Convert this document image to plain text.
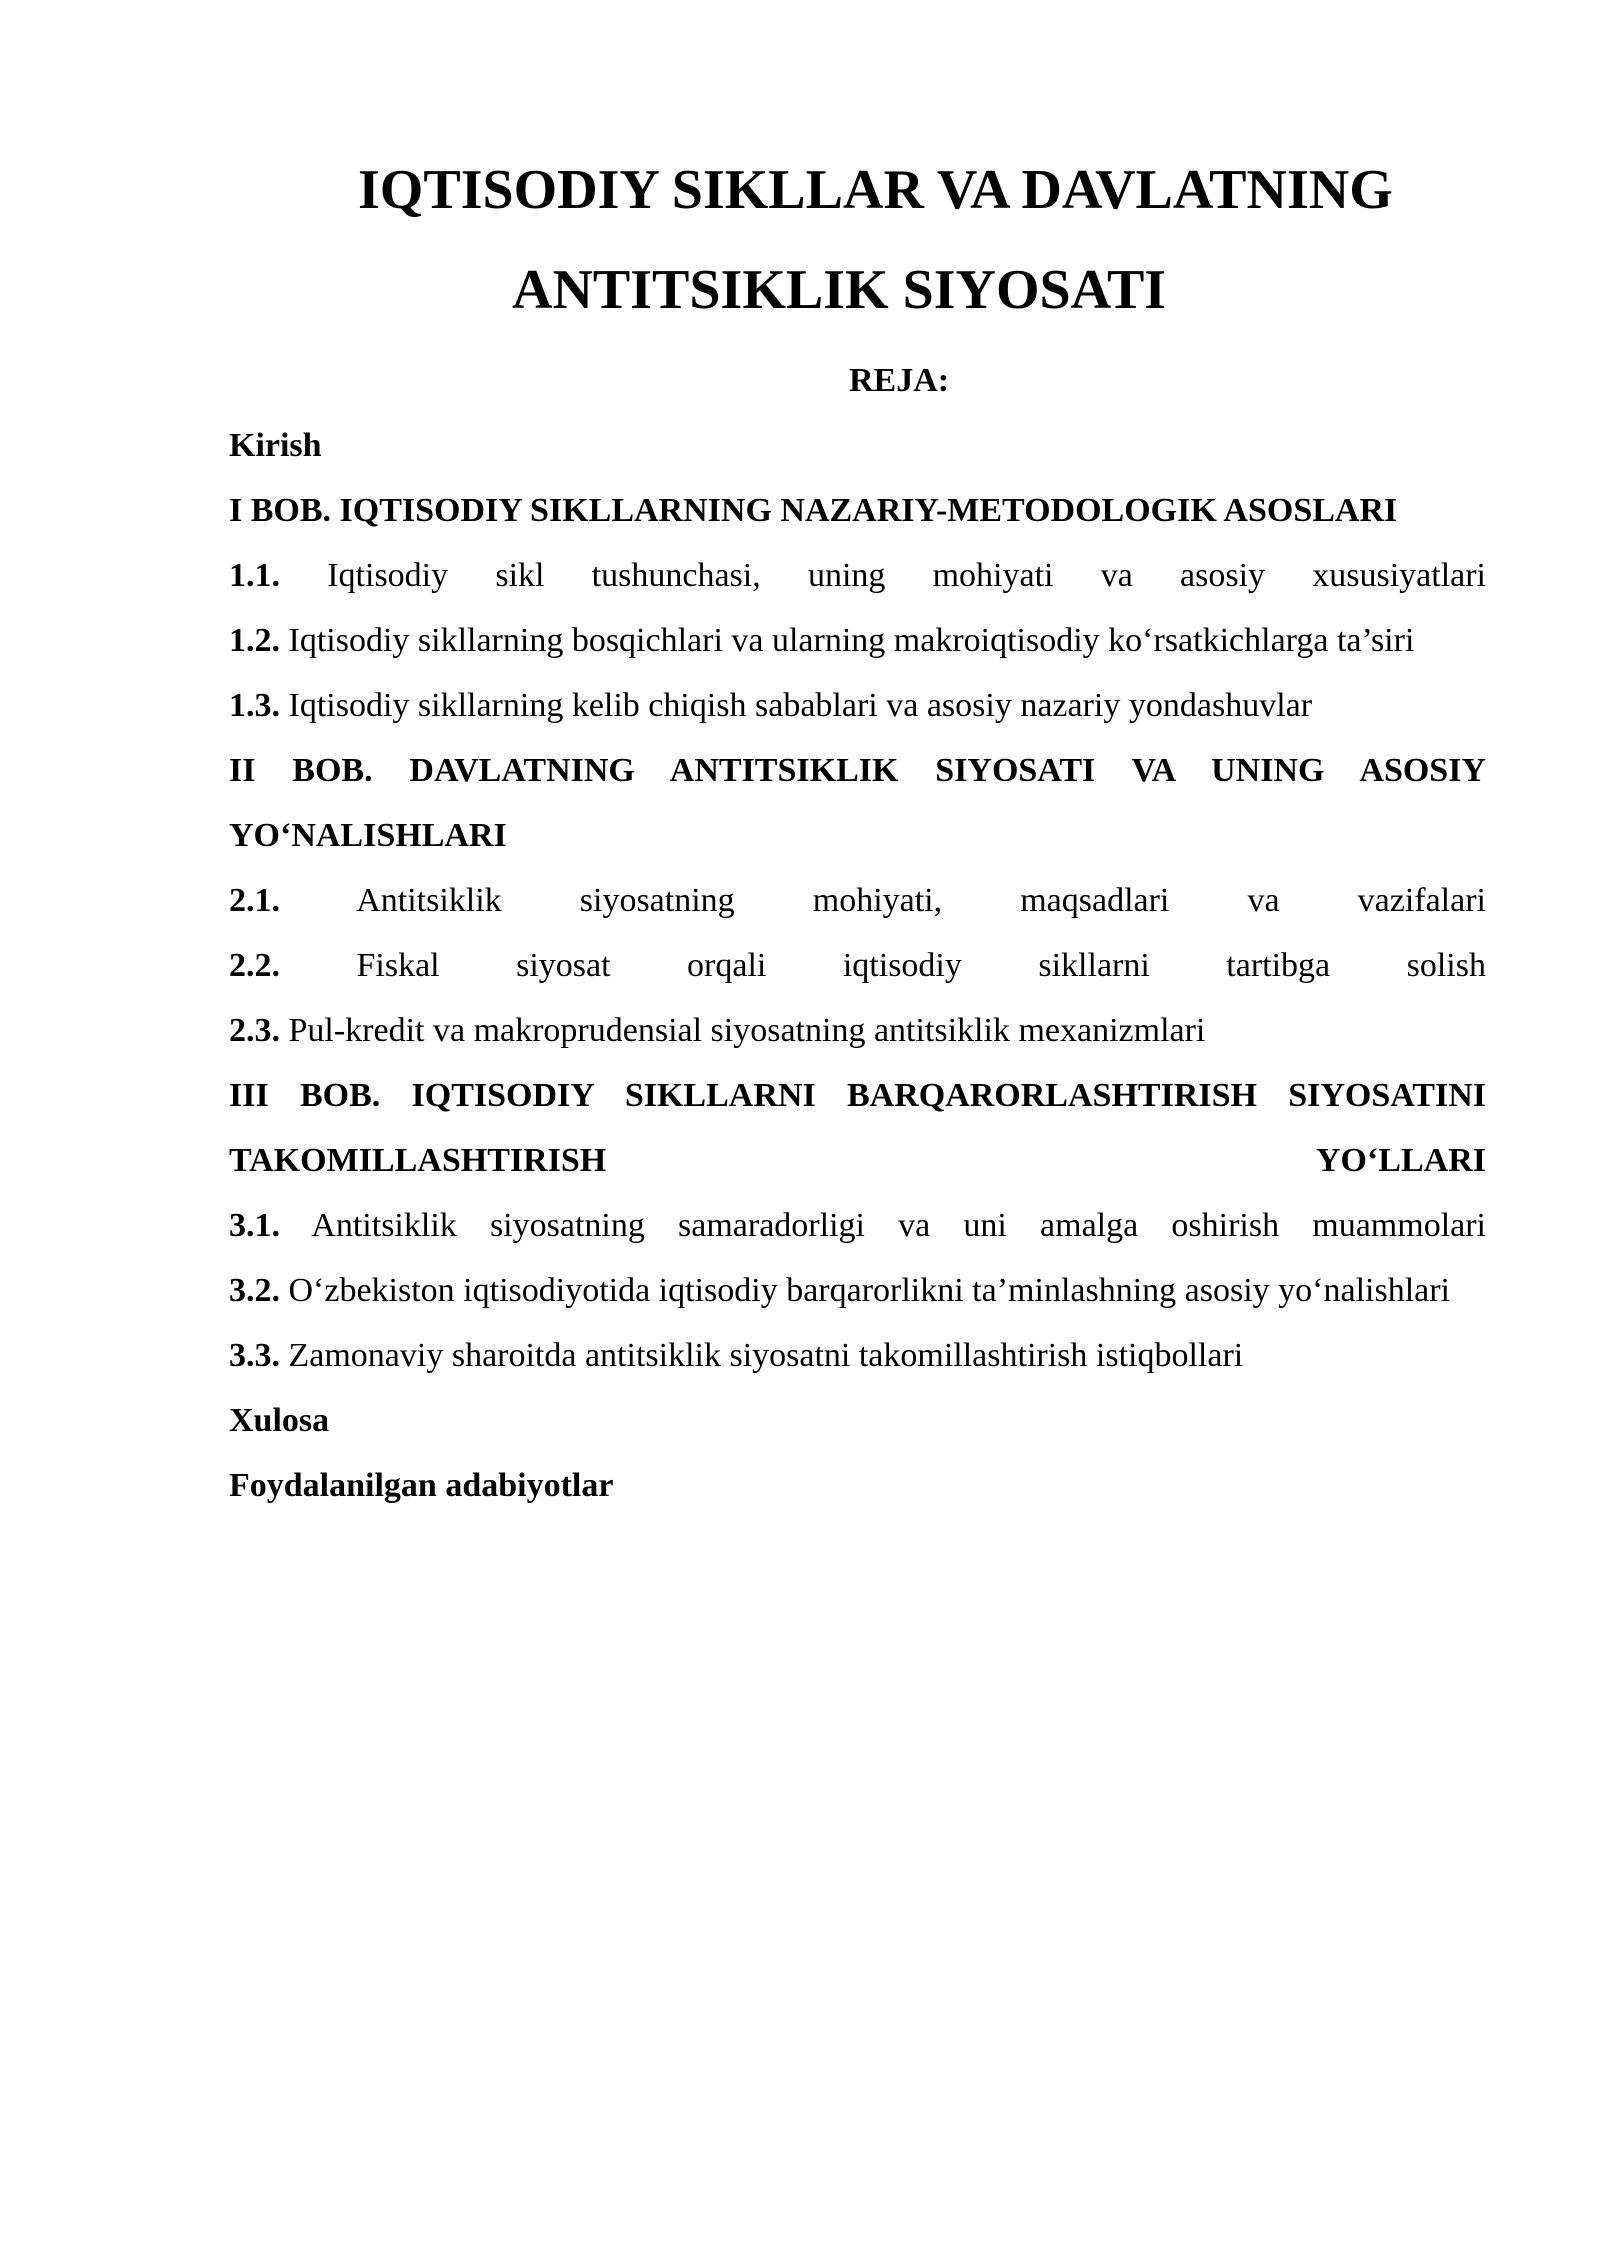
IQTISODIY SIKLLAR VA DAVLATNING
ANTITSIKLIK SIYOSATI
REJA:
Kirish
I BOB. IQTISODIY SIKLLARNING NAZARIY-METODOLOGIK ASOSLARI
1.1. Iqtisodiy sikl tushunchasi, uning mohiyati va asosiy xususiyatlari
1.2. Iqtisodiy sikllarning bosqichlari va ularning makroiqtisodiy ko‘rsatkichlarga ta’siri
1.3. Iqtisodiy sikllarning kelib chiqish sabablari va asosiy nazariy yondashuvlar
II BOB. DAVLATNING ANTITSIKLIK SIYOSATI VA UNING ASOSIY YO‘NALISHLARI
2.1. Antitsiklik siyosatning mohiyati, maqsadlari va vazifalari
2.2. Fiskal siyosat orqali iqtisodiy sikllarni tartibga solish
2.3. Pul-kredit va makroprudensial siyosatning antitsiklik mexanizmlari
III BOB. IQTISODIY SIKLLARNI BARQARORLASHTIRISH SIYOSATINI TAKOMILLASHTIRISH YO‘LLARI
3.1. Antitsiklik siyosatning samaradorligi va uni amalga oshirish muammolari
3.2. O‘zbekiston iqtisodiyotida iqtisodiy barqarorlikni ta’minlashning asosiy yo‘nalishlari
3.3. Zamonaviy sharoitda antitsiklik siyosatni takomillashtirish istiqbollari
Xulosa
Foydalanilgan adabiyotlar
